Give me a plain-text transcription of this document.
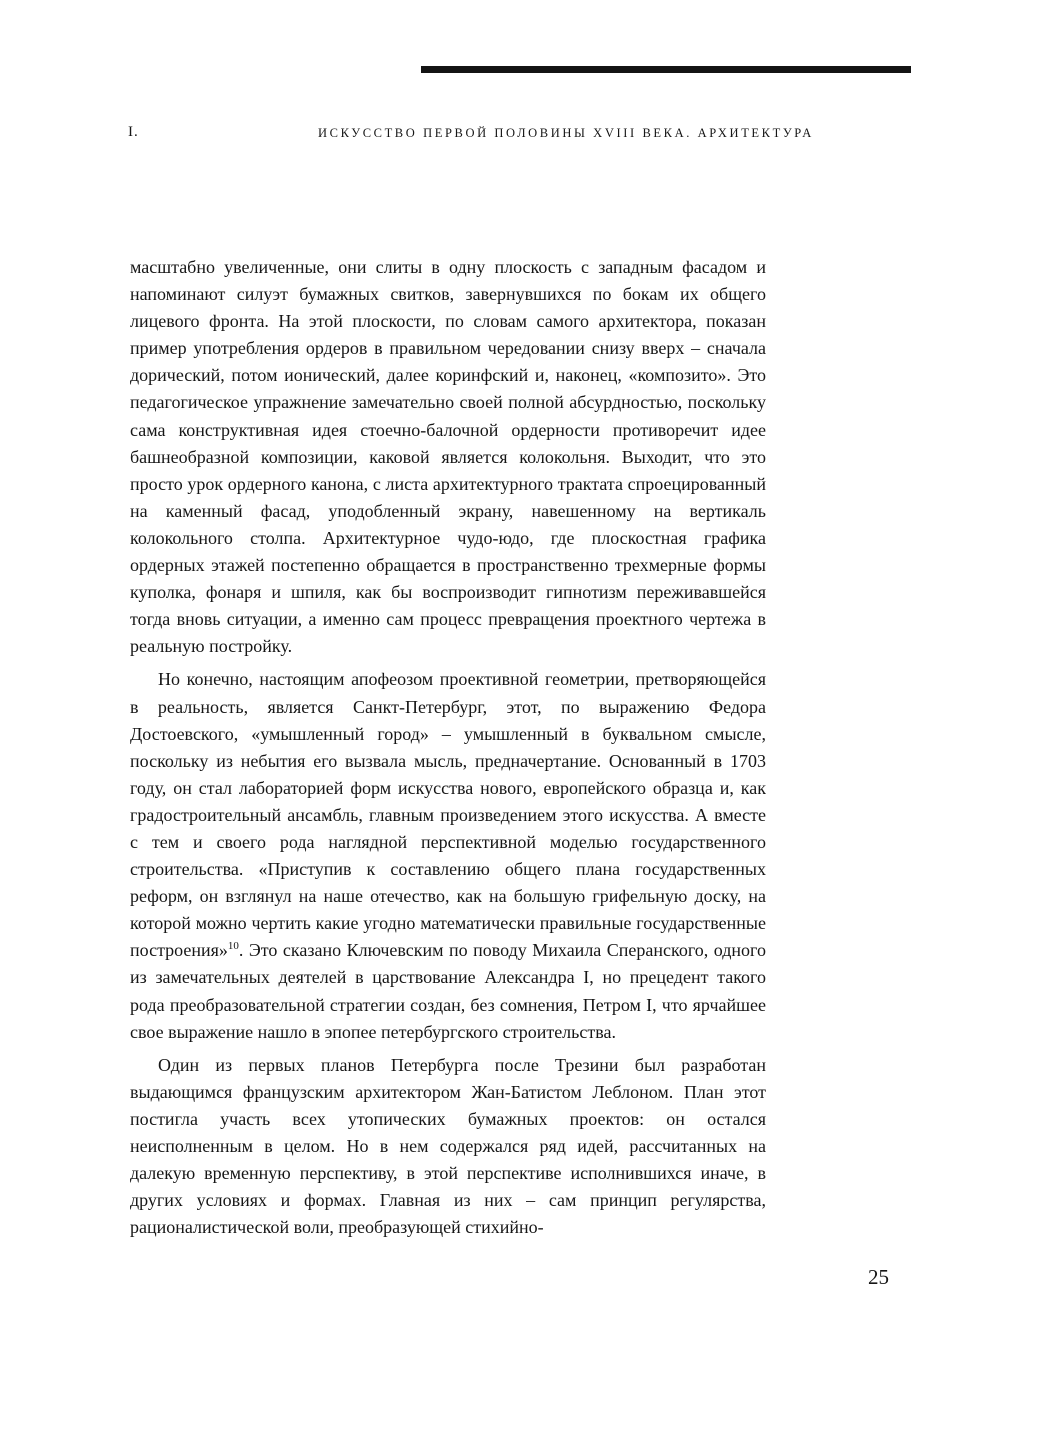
I.	ИСКУССТВО ПЕРВОЙ ПОЛОВИНЫ XVIII ВЕКА. АРХИТЕКТУРА

масштабно увеличенные, они слиты в одну плоскость с западным фасадом и напоминают силуэт бумажных свитков, завернувшихся по бокам их общего лицевого фронта. На этой плоскости, по словам самого архитектора, показан пример употребления ордеров в правильном чередовании снизу вверх – сначала дорический, потом ионический, далее коринфский и, наконец, «композито». Это педагогическое упражнение замечательно своей полной абсурдностью, поскольку сама конструктивная идея стоечно-балочной ордерности противоречит идее башнеобразной композиции, каковой является колокольня. Выходит, что это просто урок ордерного канона, с листа архитектурного трактата спроецированный на каменный фасад, уподобленный экрану, навешенному на вертикаль колокольного столпа. Архитектурное чудо-юдо, где плоскостная графика ордерных этажей постепенно обращается в пространственно трехмерные формы куполка, фонаря и шпиля, как бы воспроизводит гипнотизм переживавшейся тогда вновь ситуации, а именно сам процесс превращения проектного чертежа в реальную постройку.

Но конечно, настоящим апофеозом проективной геометрии, претворяющейся в реальность, является Санкт-Петербург, этот, по выражению Федора Достоевского, «умышленный город» – умышленный в буквальном смысле, поскольку из небытия его вызвала мысль, предначертание. Основанный в 1703 году, он стал лабораторией форм искусства нового, европейского образца и, как градостроительный ансамбль, главным произведением этого искусства. А вместе с тем и своего рода наглядной перспективной моделью государственного строительства. «Приступив к составлению общего плана государственных реформ, он взглянул на наше отечество, как на большую грифельную доску, на которой можно чертить какие угодно математически правильные государственные построения»$^{10}$. Это сказано Ключевским по поводу Михаила Сперанского, одного из замечательных деятелей в царствование Александра I, но прецедент такого рода преобразовательной стратегии создан, без сомнения, Петром I, что ярчайшее свое выражение нашло в эпопее петербургского строительства.

Один из первых планов Петербурга после Трезини был разработан выдающимся французским архитектором Жан-Батистом Леблоном. План этот постигла участь всех утопических бумажных проектов: он остался неисполненным в целом. Но в нем содержался ряд идей, рассчитанных на далекую временную перспективу, в этой перспективе исполнившихся иначе, в других условиях и формах. Главная из них – сам принцип регулярства, рационалистической воли, преобразующей стихийно-

25
